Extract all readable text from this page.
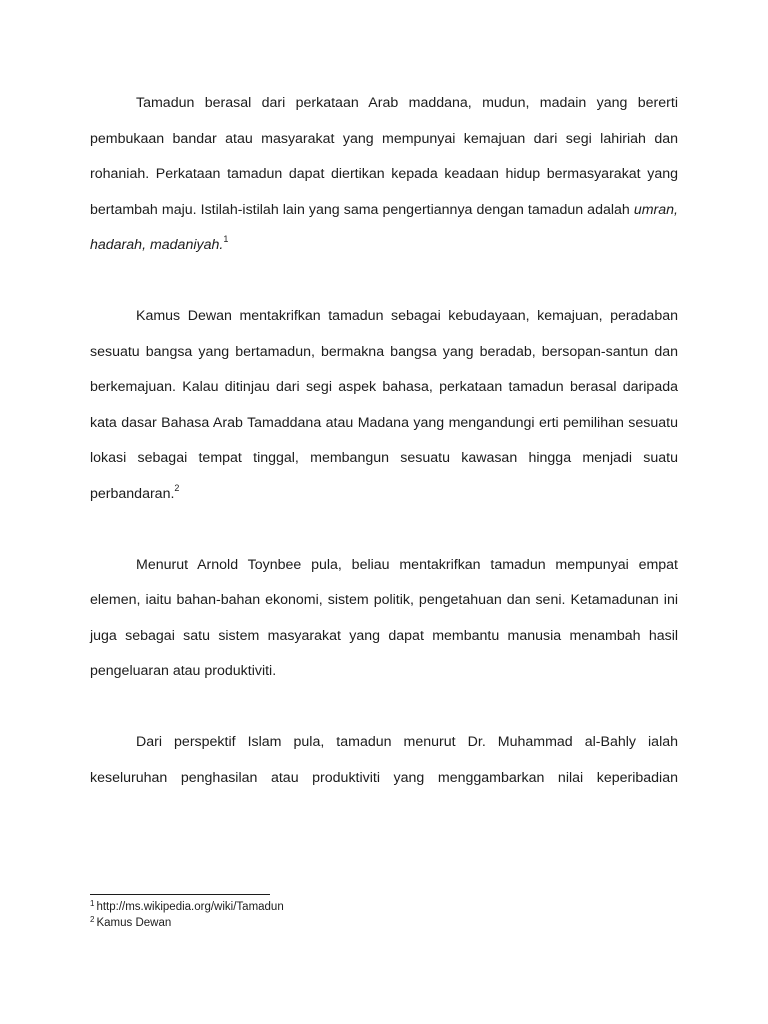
Tamadun berasal dari perkataan Arab maddana, mudun, madain yang bererti pembukaan bandar atau masyarakat yang mempunyai kemajuan dari segi lahiriah dan rohaniah. Perkataan tamadun dapat diertikan kepada keadaan hidup bermasyarakat yang bertambah maju. Istilah-istilah lain yang sama pengertiannya dengan tamadun adalah umran, hadarah, madaniyah.$^1$

Kamus Dewan mentakrifkan tamadun sebagai kebudayaan, kemajuan, peradaban sesuatu bangsa yang bertamadun, bermakna bangsa yang beradab, bersopan-santun dan berkemajuan. Kalau ditinjau dari segi aspek bahasa, perkataan tamadun berasal daripada kata dasar Bahasa Arab Tamaddana atau Madana yang mengandungi erti pemilihan sesuatu lokasi sebagai tempat tinggal, membangun sesuatu kawasan hingga menjadi suatu perbandaran.$^2$

Menurut Arnold Toynbee pula, beliau mentakrifkan tamadun mempunyai empat elemen, iaitu bahan-bahan ekonomi, sistem politik, pengetahuan dan seni. Ketamadunan ini juga sebagai satu sistem masyarakat yang dapat membantu manusia menambah hasil pengeluaran atau produktiviti.

Dari perspektif Islam pula, tamadun menurut Dr. Muhammad al-Bahly ialah keseluruhan penghasilan atau produktiviti yang menggambarkan nilai keperibadian

$^1$ http://ms.wikipedia.org/wiki/Tamadun

$^2$ Kamus Dewan
